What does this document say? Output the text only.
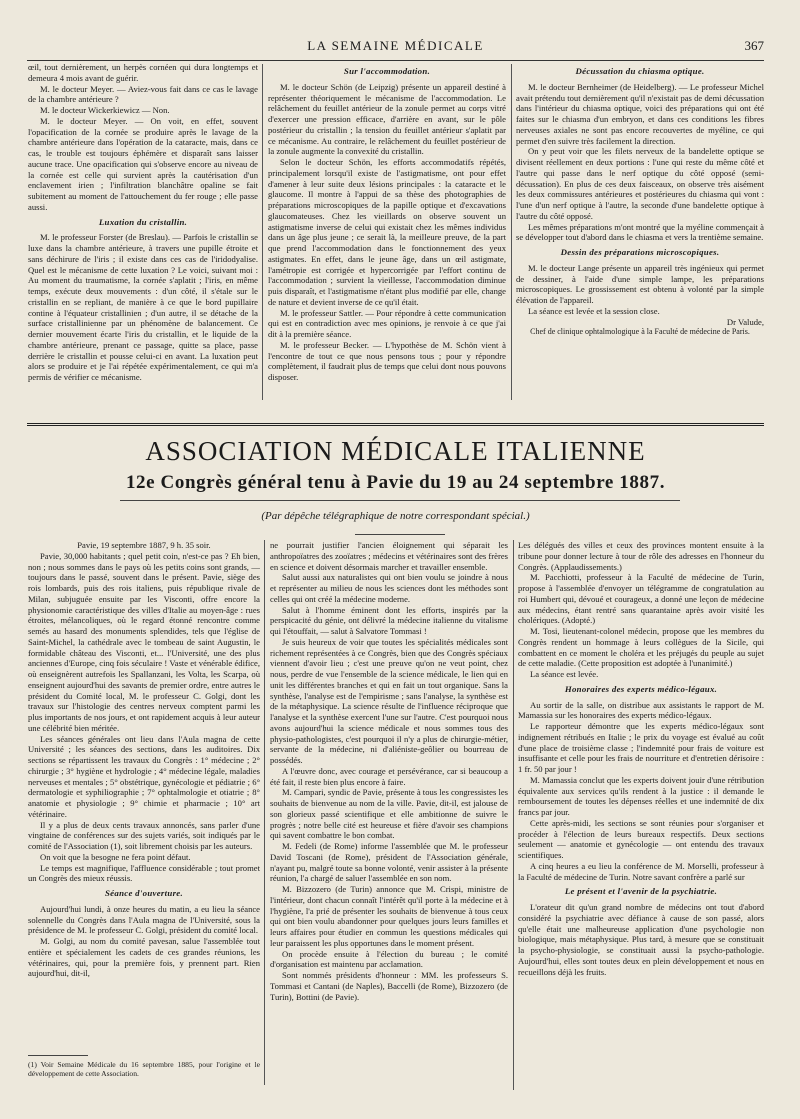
LA SEMAINE MÉDICALE	367

œil, tout dernièrement, un herpès cornéen qui dura longtemps et demeura 4 mois avant de guérir.

M. le docteur Meyer. — Aviez-vous fait dans ce cas le lavage de la chambre antérieure ?

M. le docteur Wickerkiewicz — Non.

M. le docteur Meyer. — On voit, en effet, souvent l'opacification de la cornée se produire après le lavage de la chambre antérieure dans l'opération de la cataracte, mais, dans ce cas, le trouble est toujours éphémère et disparaît sans laisser aucune trace. Une opacification qui s'observe encore au niveau de la cornée est celle qui survient après la cautérisation d'un enclavement irien ; l'infiltration blanchâtre opaline se fait subitement au moment de l'attouchement du fer rouge ; elle passe aussi.

Luxation du cristallin.

M. le professeur Forster (de Breslau). — Parfois le cristallin se luxe dans la chambre antérieure, à travers une pupille étroite et sans déchirure de l'iris ; il existe dans ces cas de l'iridodyalise. Quel est le mécanisme de cette luxation ? Le voici, suivant moi : Au moment du traumatisme, la cornée s'aplatit ; l'iris, en même temps, exécute deux mouvements : d'un côté, il s'étale sur le cristallin en se repliant, de manière à ce que le bord pupillaire contine à l'équateur cristallinien ; d'un autre, il se détache de la surface cristallinienne par un phénomène de balancement. Ce dernier mouvement écarte l'iris du cristallin, et le liquide de la chambre antérieure, prenant ce passage, quitte sa place, passe derrière le cristallin et pousse celui-ci en avant. La luxation peut alors se produire et je l'ai répétée expérimentalement, ce qui m'a permis de vérifier ce mécanisme.

Sur l'accommodation.

M. le docteur Schön (de Leipzig) présente un appareil destiné à représenter théoriquement le mécanisme de l'accommodation. Le relâchement du feuillet antérieur de la zonule permet au corps vitré d'exercer une pression efficace, d'arrière en avant, sur le pôle postérieur du cristallin ; la tension du feuillet antérieur s'aplatit par ce mécanisme. Au contraire, le relâchement du feuillet postérieur de la zonule augmente la convexité du cristallin.

Selon le docteur Schön, les efforts accommodatifs répétés, principalement lorsqu'il existe de l'astigmatisme, ont pour effet d'amener à leur suite deux lésions principales : la cataracte et le glaucome. Il montre à l'appui de sa thèse des photographies de préparations microscopiques de la papille optique et d'excavations glaucomateuses. Chez les vieillards on observe souvent un astigmatisme inverse de celui qui existait chez les mêmes individus dans un âge plus jeune ; ce serait là, la meilleure preuve, de la part que prend l'accommodation dans le fonctionnement des yeux astigmates. En effet, dans le jeune âge, dans un œil astigmate, l'amétropie est corrigée et hypercorrigée par l'effort continu de l'accommodation ; survient la vieillesse, l'accommodation diminue puis disparaît, et l'astigmatisme n'étant plus modifié par elle, change de nature et devient inverse de ce qu'il était.

M. le professeur Sattler. — Pour répondre à cette communication qui est en contradiction avec mes opinions, je renvoie à ce que j'ai dit à la première séance.

M. le professeur Becker. — L'hypothèse de M. Schön vient à l'encontre de tout ce que nous pensons tous ; pour y répondre complètement, il faudrait plus de temps que celui dont nous pouvons disposer.

Décussation du chiasma optique.

M. le docteur Bernheimer (de Heidelberg). — Le professeur Michel avait prétendu tout dernièrement qu'il n'existait pas de demi décussation dans l'intérieur du chiasma optique, voici des préparations qui ont été faites sur le chiasma d'un embryon, et dans ces conditions les fibres nerveuses axiales ne sont pas encore recouvertes de myéline, ce qui permet d'en suivre très facilement la direction.

On y peut voir que les filets nerveux de la bandelette optique se divisent réellement en deux portions : l'une qui reste du même côté et l'autre qui passe dans le nerf optique du côté opposé (semi-décussation). En plus de ces deux faisceaux, on observe très aisément les deux commissures antérieures et postérieures du chiasma qui vont : l'une d'un nerf optique à l'autre, la seconde d'une bandelette optique à l'autre du côté opposé.

Les mêmes préparations m'ont montré que la myéline commençait à se développer tout d'abord dans le chiasma et vers la trentième semaine.

Dessin des préparations microscopiques.

M. le docteur Lange présente un appareil très ingénieux qui permet de dessiner, à l'aide d'une simple lampe, les préparations microscopiques. Le grossissement est obtenu à volonté par la simple élévation de l'appareil.

La séance est levée et la session close.

Dr Valude,

Chef de clinique ophtalmologique à la Faculté de médecine de Paris.

ASSOCIATION MÉDICALE ITALIENNE
12e Congrès général tenu à Pavie du 19 au 24 septembre 1887.
(Par dépêche télégraphique de notre correspondant spécial.)

Pavie, 19 septembre 1887, 9 h. 35 soir.

Pavie, 30,000 habitants ; quel petit coin, n'est-ce pas ? Eh bien, non ; nous sommes dans le pays où les petits coins sont grands, — toujours dans le passé, souvent dans le présent. Pavie, siège des rois lombards, puis des rois italiens, puis république rivale de Milan, subjuguée ensuite par les Visconti, offre encore la physionomie caractéristique des villes d'Italie au moyen-âge : rues étroites, mélancoliques, où le regard étonné rencontre comme semés au hasard des monuments splendides, tels que l'église de Saint-Michel, la cathédrale avec le tombeau de saint Augustin, le formidable château des Visconti, et... l'Université, une des plus anciennes d'Europe, cinq fois séculaire ! Vaste et vénérable édifice, où enseignèrent autrefois les Spallanzani, les Volta, les Scarpa, où enseignent aujourd'hui des savants de premier ordre, entre autres le président du Comité local, M. le professeur C. Golgi, dont les travaux sur l'histologie des centres nerveux comptent parmi les plus importants de nos jours, et ont rapidement acquis à leur auteur une célébrité bien méritée.

Les séances générales ont lieu dans l'Aula magna de cette Université ; les séances des sections, dans les auditoires. Dix sections se répartissent les travaux du Congrès : 1° médecine ; 2° chirurgie ; 3° hygiène et hydrologie ; 4° médecine légale, maladies nerveuses et mentales ; 5° obstétrique, gynécologie et pédiatrie ; 6° dermatologie et syphiliographie ; 7° ophtalmologie et otiatrie ; 8° anatomie et physiologie ; 9° chimie et pharmacie ; 10° art vétérinaire.

Il y a plus de deux cents travaux annoncés, sans parler d'une vingtaine de conférences sur des sujets variés, soit indiqués par le comité de l'Association (1), soit librement choisis par les auteurs.

On voit que la besogne ne fera point défaut.

Le temps est magnifique, l'affluence considérable ; tout promet un Congrès des mieux réussis.

Séance d'ouverture.

Aujourd'hui lundi, à onze heures du matin, a eu lieu la séance solennelle du Congrès dans l'Aula magna de l'Université, sous la présidence de M. le professeur C. Golgi, président du comité local.

M. Golgi, au nom du comité pavesan, salue l'assemblée tout entière et spécialement les cadets de ces grandes réunions, les vétérinaires, qui, pour la première fois, y prennent part. Rien aujourd'hui, dit-il,

ne pourrait justifier l'ancien éloignement qui séparait les anthropoïatres des zooïatres ; médecins et vétérinaires sont des frères en science et doivent désormais marcher et travailler ensemble.

Salut aussi aux naturalistes qui ont bien voulu se joindre à nous et représenter au milieu de nous les sciences dont les méthodes sont celles qui ont créé la médecine moderne.

Salut à l'homme éminent dont les efforts, inspirés par la perspicacité du génie, ont délivré la médecine italienne du vitalisme qui l'étouffait, — salut à Salvatore Tommasi !

Je suis heureux de voir que toutes les spécialités médicales sont richement représentées à ce Congrès, bien que des Congrès spéciaux viennent d'avoir lieu ; c'est une preuve qu'on ne veut point, chez nous, perdre de vue l'ensemble de la science médicale, le lien qui en unit les différentes branches et qui en fait un tout organique. Sans la synthèse, l'analyse est de l'empirisme ; sans l'analyse, la synthèse est de la métaphysique. La science résulte de l'influence réciproque que l'analyse et la synthèse exercent l'une sur l'autre. C'est pourquoi nous avons aujourd'hui la science médicale et nous sommes tous des physio-pathologistes, c'est pourquoi il n'y a plus de chirurgie-métier, servante de la médecine, ni d'aliéniste-geôlier ou bourreau de possédés.

A l'œuvre donc, avec courage et persévérance, car si beaucoup a été fait, il reste bien plus encore à faire.

M. Campari, syndic de Pavie, présente à tous les congressistes les souhaits de bienvenue au nom de la ville. Pavie, dit-il, est jalouse de son glorieux passé scientifique et elle ambitionne de suivre le progrès ; notre belle cité est heureuse et fière d'avoir ses champions qui savent combattre le bon combat.

M. Fedeli (de Rome) informe l'assemblée que M. le professeur David Toscani (de Rome), président de l'Association générale, n'ayant pu, malgré toute sa bonne volonté, venir assister à la présente réunion, l'a chargé de saluer l'assemblée en son nom.

M. Bizzozero (de Turin) annonce que M. Crispi, ministre de l'intérieur, dont chacun connaît l'intérêt qu'il porte à la médecine et à l'hygiène, l'a prié de présenter les souhaits de bienvenue à tous ceux qui ont bien voulu abandonner pour quelques jours leurs familles et leurs affaires pour étudier en commun les questions médicales qui leur paraissent les plus opportunes dans le moment présent.

On procède ensuite à l'élection du bureau ; le comité d'organisation est maintenu par acclamation.

Sont nommés présidents d'honneur : MM. les professeurs S. Tommasi et Cantani (de Naples), Baccelli (de Rome), Bizzozero (de Turin), Bottini (de Pavie).

Les délégués des villes et ceux des provinces montent ensuite à la tribune pour donner lecture à tour de rôle des adresses en l'honneur du Congrès. (Applaudissements.)

M. Pacchiotti, professeur à la Faculté de médecine de Turin, propose à l'assemblée d'envoyer un télégramme de congratulation au roi Humbert qui, dévoué et courageux, a donné une leçon de médecine aux médecins, étant rentré sans quarantaine après avoir visité les cholériques. (Adopté.)

M. Tosi, lieutenant-colonel médecin, propose que les membres du Congrès rendent un hommage à leurs collègues de la Sicile, qui combattent en ce moment le choléra et les préjugés du peuple au sujet de cette maladie. (Cette proposition est adoptée à l'unanimité.)

La séance est levée.

Honoraires des experts médico-légaux.

Au sortir de la salle, on distribue aux assistants le rapport de M. Mamassia sur les honoraires des experts médico-légaux.

Le rapporteur démontre que les experts médico-légaux sont indignement rétribués en Italie ; le prix du voyage est évalué au coût d'une place de troisième classe ; l'indemnité pour frais de voiture est insuffisante et celle pour les frais de nourriture et d'entretien dérisoire : 1 fr. 50 par jour !

M. Mamassia conclut que les experts doivent jouir d'une rétribution équivalente aux services qu'ils rendent à la justice : il demande le remboursement de toutes les dépenses réelles et une indemnité de dix francs par jour.

Cette après-midi, les sections se sont réunies pour s'organiser et procéder à l'élection de leurs bureaux respectifs. Deux sections seulement — anatomie et gynécologie — ont entendu des travaux scientifiques.

A cinq heures a eu lieu la conférence de M. Morselli, professeur à la Faculté de médecine de Turin. Notre savant confrère a parlé sur

Le présent et l'avenir de la psychiatrie.

L'orateur dit qu'un grand nombre de médecins ont tout d'abord considéré la psychiatrie avec défiance à cause de son passé, alors qu'elle était une malheureuse application d'une psychologie non biologique, mais métaphysique. Plus tard, à mesure que se constituait la psycho-physiologie, se constituait aussi la psycho-pathologie. Aujourd'hui, elles sont toutes deux en plein développement et nous en recueillons déjà les fruits.

(1) Voir Semaine Médicale du 16 septembre 1885, pour l'origine et le développement de cette Association.
